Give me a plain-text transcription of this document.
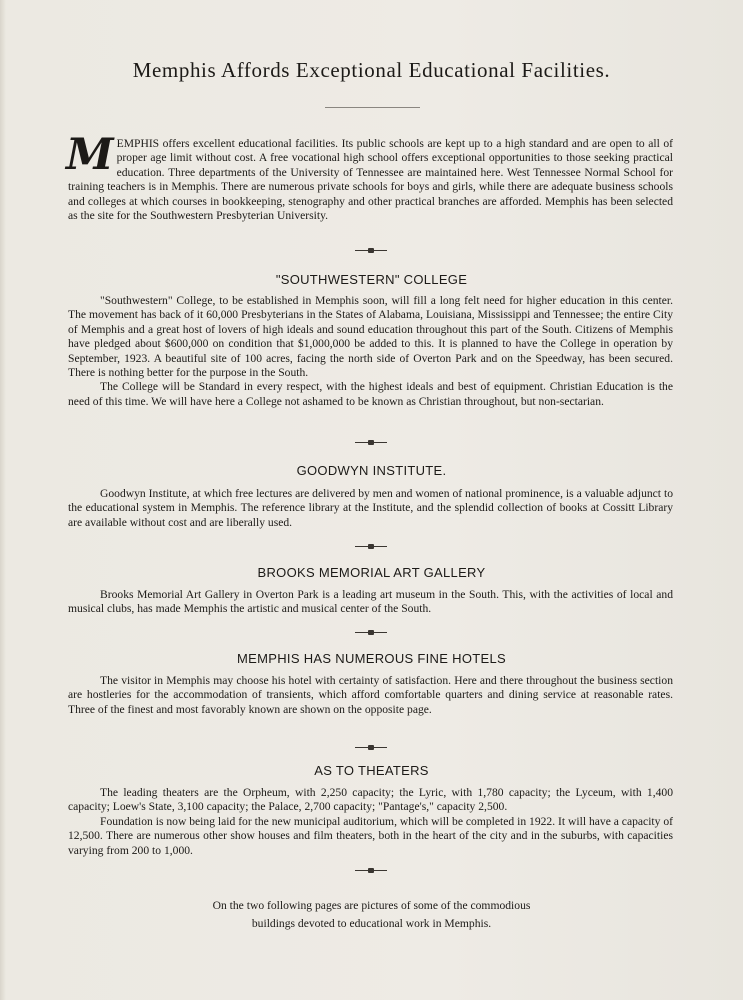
Memphis Affords Exceptional Educational Facilities.

MEMPHIS offers excellent educational facilities. Its public schools are kept up to a high standard and are open to all of proper age limit without cost. A free vocational high school offers exceptional opportunities to those seeking practical education. Three departments of the University of Tennessee are maintained here. West Tennessee Normal School for training teachers is in Memphis. There are numerous private schools for boys and girls, while there are adequate business schools and colleges at which courses in bookkeeping, stenography and other practical branches are afforded. Memphis has been selected as the site for the Southwestern Presbyterian University.

"SOUTHWESTERN" COLLEGE

"Southwestern" College, to be established in Memphis soon, will fill a long felt need for higher education in this center. The movement has back of it 60,000 Presbyterians in the States of Alabama, Louisiana, Mississippi and Tennessee; the entire City of Memphis and a great host of lovers of high ideals and sound education throughout this part of the South. Citizens of Memphis have pledged about $600,000 on condition that $1,000,000 be added to this. It is planned to have the College in operation by September, 1923. A beautiful site of 100 acres, facing the north side of Overton Park and on the Speedway, has been secured. There is nothing better for the purpose in the South.

The College will be Standard in every respect, with the highest ideals and best of equipment. Christian Education is the need of this time. We will have here a College not ashamed to be known as Christian throughout, but non-sectarian.

GOODWYN INSTITUTE.

Goodwyn Institute, at which free lectures are delivered by men and women of national prominence, is a valuable adjunct to the educational system in Memphis. The reference library at the Institute, and the splendid collection of books at Cossitt Library are available without cost and are liberally used.

BROOKS MEMORIAL ART GALLERY

Brooks Memorial Art Gallery in Overton Park is a leading art museum in the South. This, with the activities of local and musical clubs, has made Memphis the artistic and musical center of the South.

MEMPHIS HAS NUMEROUS FINE HOTELS

The visitor in Memphis may choose his hotel with certainty of satisfaction. Here and there throughout the business section are hostleries for the accommodation of transients, which afford comfortable quarters and dining service at reasonable rates. Three of the finest and most favorably known are shown on the opposite page.

AS TO THEATERS

The leading theaters are the Orpheum, with 2,250 capacity; the Lyric, with 1,780 capacity; the Lyceum, with 1,400 capacity; Loew's State, 3,100 capacity; the Palace, 2,700 capacity; "Pantage's," capacity 2,500.

Foundation is now being laid for the new municipal auditorium, which will be completed in 1922. It will have a capacity of 12,500. There are numerous other show houses and film theaters, both in the heart of the city and in the suburbs, with capacities varying from 200 to 1,000.

On the two following pages are pictures of some of the commodious
buildings devoted to educational work in Memphis.
